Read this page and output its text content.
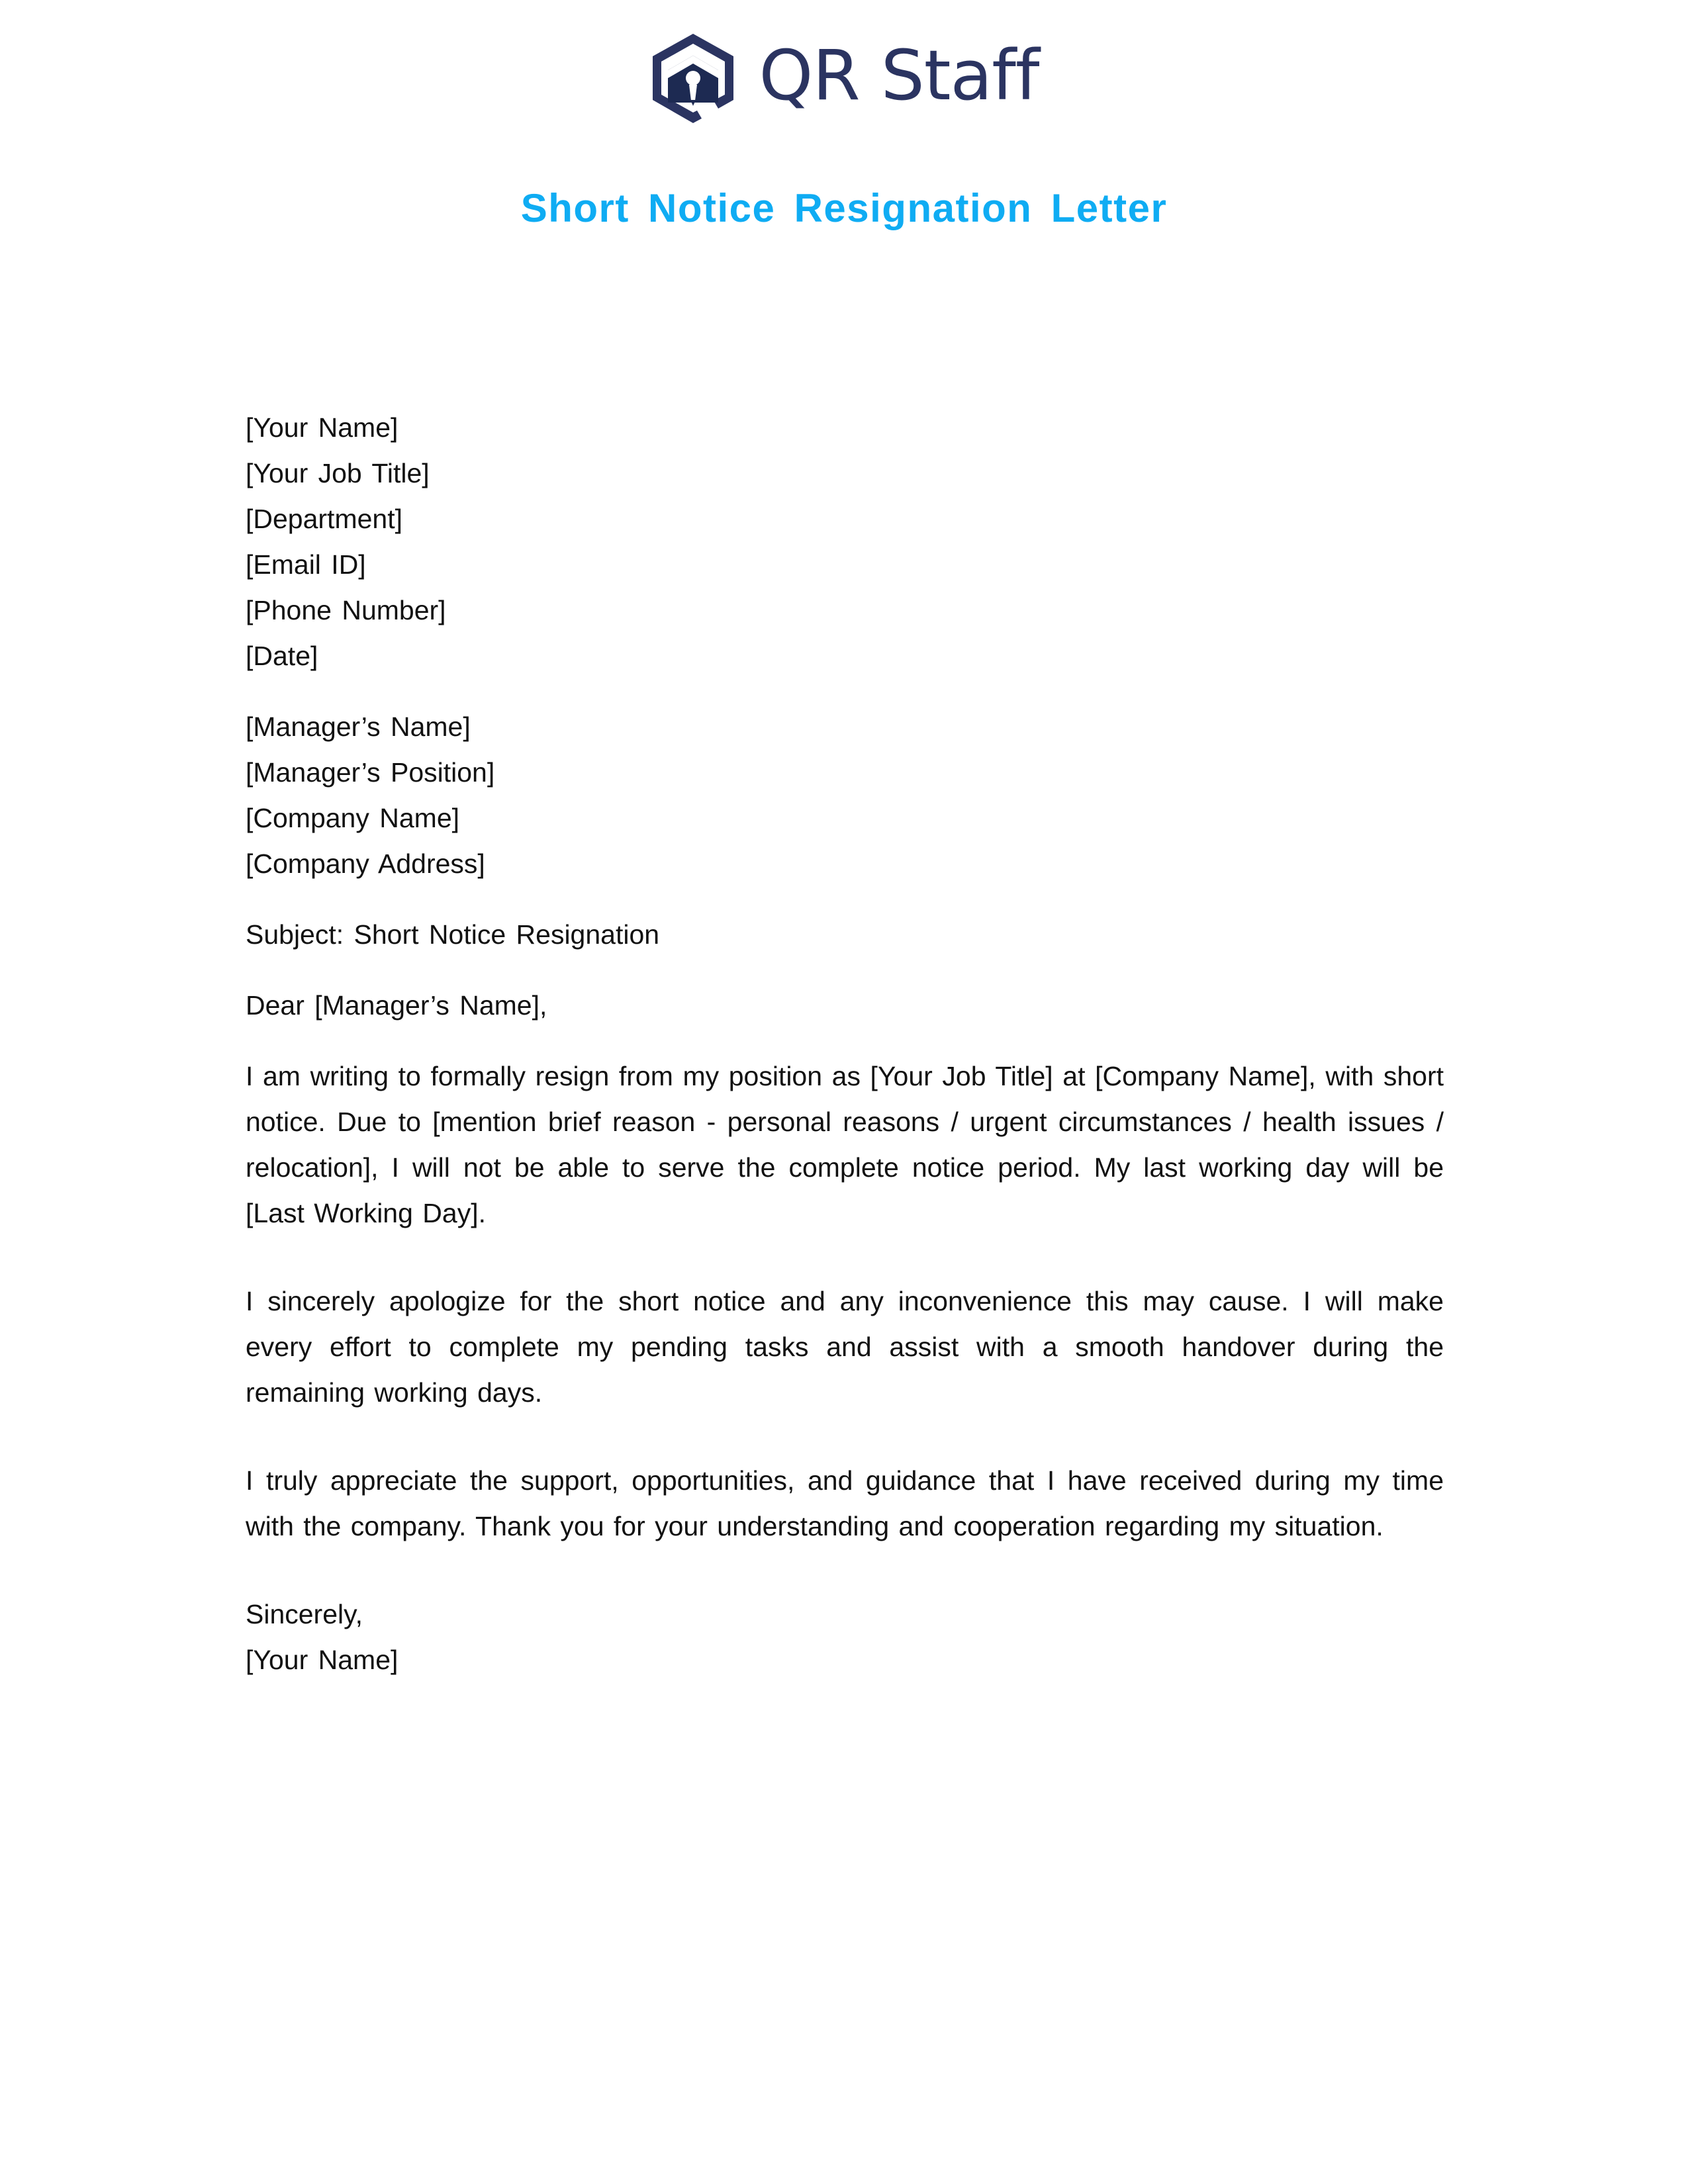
QR Staff
Short Notice Resignation Letter
[Your Name]
[Your Job Title]
[Department]
[Email ID]
[Phone Number]
[Date]
[Manager’s Name]
[Manager’s Position]
[Company Name]
[Company Address]
Subject: Short Notice Resignation
Dear [Manager’s Name],
I am writing to formally resign from my position as [Your Job Title] at [Company Name], with short notice. Due to [mention brief reason - personal reasons / urgent circumstances / health issues / relocation], I will not be able to serve the complete notice period. My last working day will be [Last Working Day].
I sincerely apologize for the short notice and any inconvenience this may cause. I will make every effort to complete my pending tasks and assist with a smooth handover during the remaining working days.
I truly appreciate the support, opportunities, and guidance that I have received during my time with the company. Thank you for your understanding and cooperation regarding my situation.
Sincerely,
[Your Name]
